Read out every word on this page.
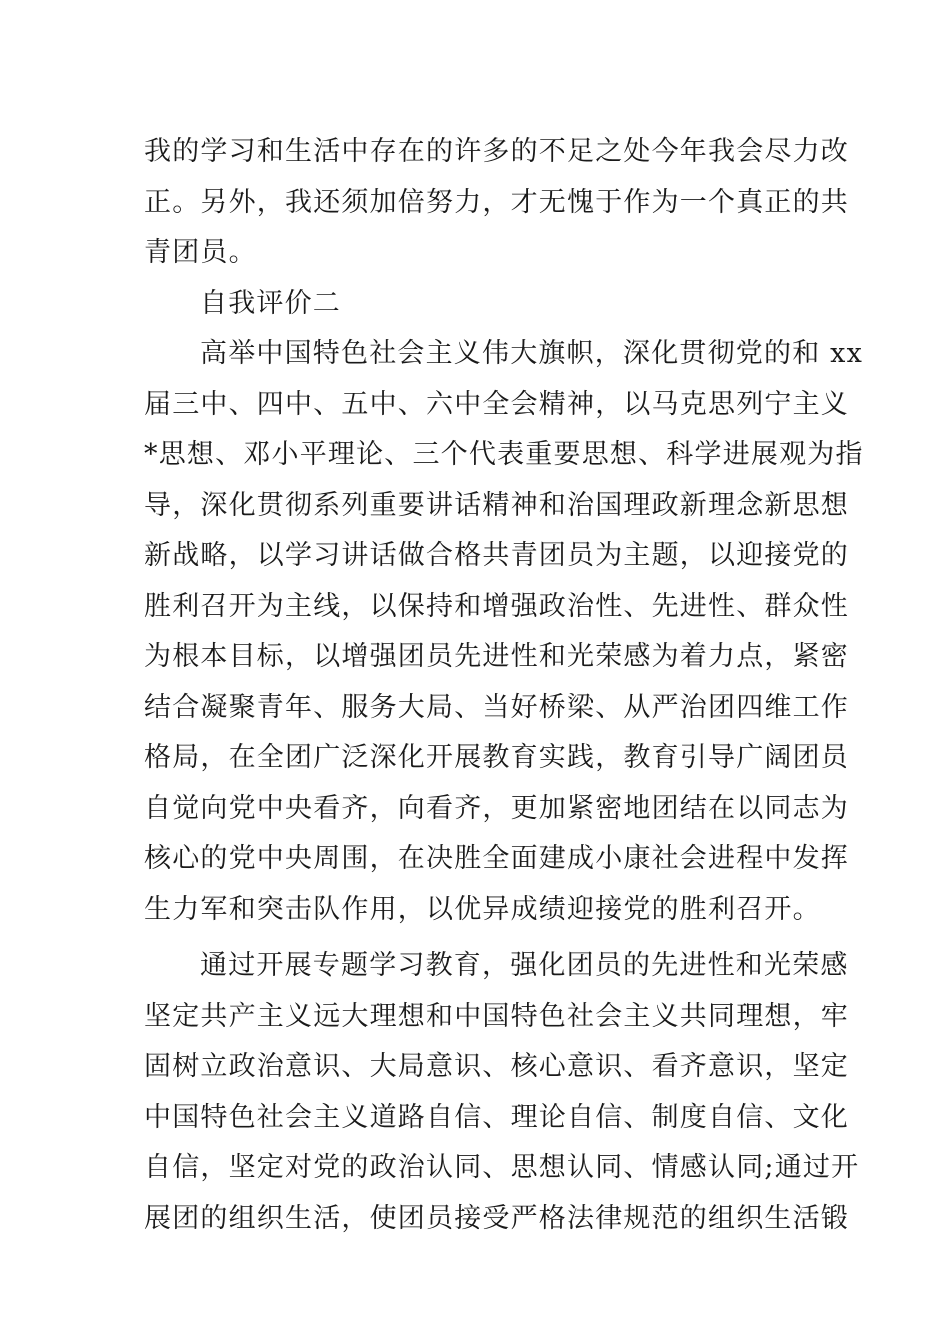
我的学习和生活中存在的许多的不足之处今年我会尽力改
正。另外，我还须加倍努力，才无愧于作为一个真正的共
青团员。
自我评价二
高举中国特色社会主义伟大旗帜，深化贯彻党的和 xx
届三中、四中、五中、六中全会精神，以马克思列宁主义
*思想、邓小平理论、三个代表重要思想、科学进展观为指
导，深化贯彻系列重要讲话精神和治国理政新理念新思想
新战略，以学习讲话做合格共青团员为主题，以迎接党的
胜利召开为主线，以保持和增强政治性、先进性、群众性
为根本目标，以增强团员先进性和光荣感为着力点，紧密
结合凝聚青年、服务大局、当好桥梁、从严治团四维工作
格局，在全团广泛深化开展教育实践，教育引导广阔团员
自觉向党中央看齐，向看齐，更加紧密地团结在以同志为
核心的党中央周围，在决胜全面建成小康社会进程中发挥
生力军和突击队作用，以优异成绩迎接党的胜利召开。
通过开展专题学习教育，强化团员的先进性和光荣感
坚定共产主义远大理想和中国特色社会主义共同理想，牢
固树立政治意识、大局意识、核心意识、看齐意识，坚定
中国特色社会主义道路自信、理论自信、制度自信、文化
自信，坚定对党的政治认同、思想认同、情感认同;通过开
展团的组织生活，使团员接受严格法律规范的组织生活锻
